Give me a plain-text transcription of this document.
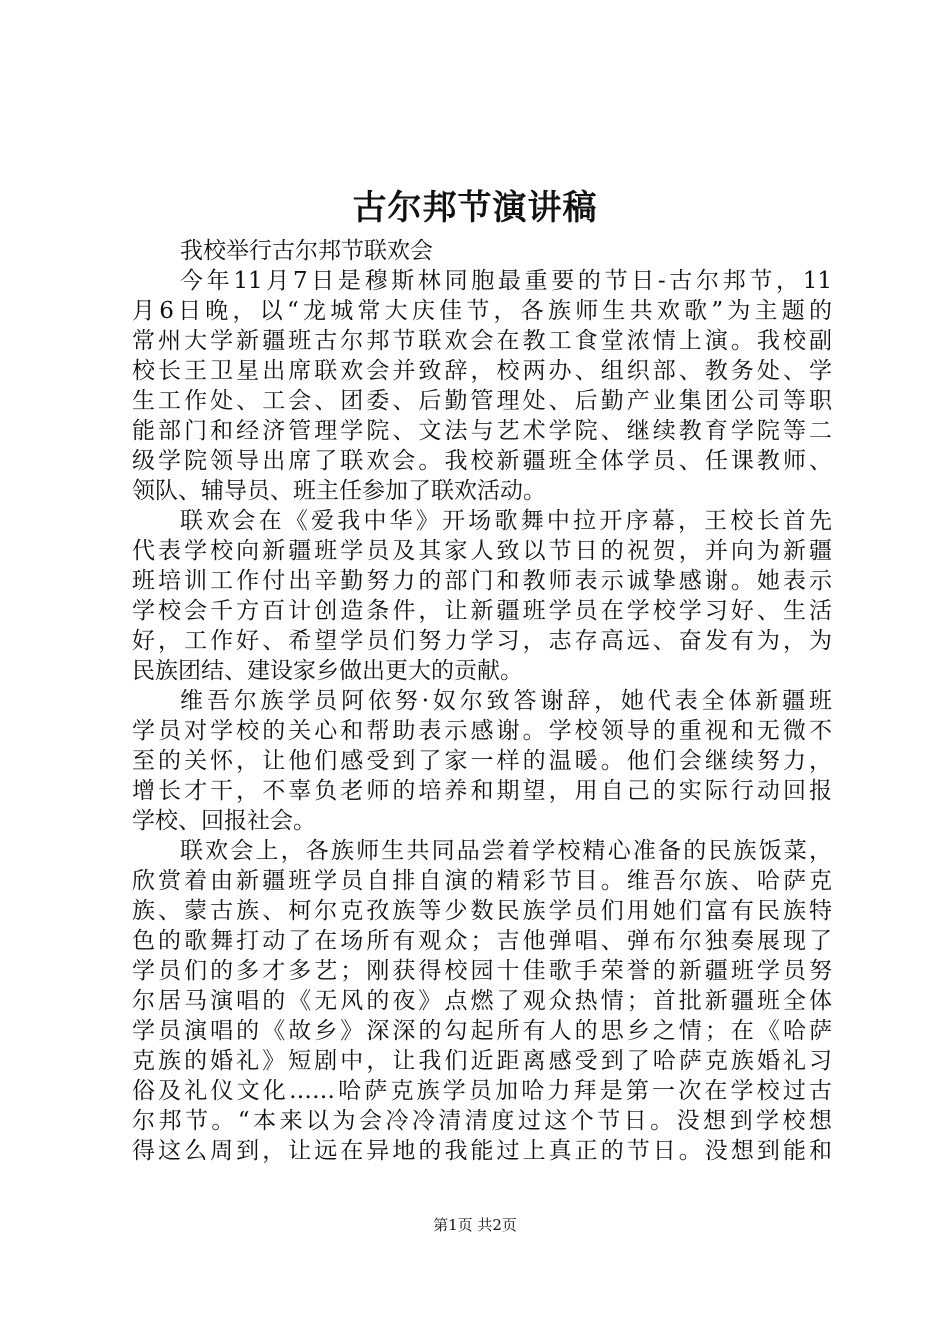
古尔邦节演讲稿
我校举行古尔邦节联欢会
今年11月7日是穆斯林同胞最重要的节日-古尔邦节，11
月6日晚，以“龙城常大庆佳节，各族师生共欢歌”为主题的
常州大学新疆班古尔邦节联欢会在教工食堂浓情上演。我校副
校长王卫星出席联欢会并致辞，校两办、组织部、教务处、学
生工作处、工会、团委、后勤管理处、后勤产业集团公司等职
能部门和经济管理学院、文法与艺术学院、继续教育学院等二
级学院领导出席了联欢会。我校新疆班全体学员、任课教师、
领队、辅导员、班主任参加了联欢活动。
联欢会在《爱我中华》开场歌舞中拉开序幕，王校长首先
代表学校向新疆班学员及其家人致以节日的祝贺，并向为新疆
班培训工作付出辛勤努力的部门和教师表示诚挚感谢。她表示
学校会千方百计创造条件，让新疆班学员在学校学习好、生活
好，工作好、希望学员们努力学习，志存高远、奋发有为，为
民族团结、建设家乡做出更大的贡献。
维吾尔族学员阿依努·奴尔致答谢辞，她代表全体新疆班
学员对学校的关心和帮助表示感谢。学校领导的重视和无微不
至的关怀，让他们感受到了家一样的温暖。他们会继续努力，
增长才干，不辜负老师的培养和期望，用自己的实际行动回报
学校、回报社会。
联欢会上，各族师生共同品尝着学校精心准备的民族饭菜，
欣赏着由新疆班学员自排自演的精彩节目。维吾尔族、哈萨克
族、蒙古族、柯尔克孜族等少数民族学员们用她们富有民族特
色的歌舞打动了在场所有观众；吉他弹唱、弹布尔独奏展现了
学员们的多才多艺；刚获得校园十佳歌手荣誉的新疆班学员努
尔居马演唱的《无风的夜》点燃了观众热情；首批新疆班全体
学员演唱的《故乡》深深的勾起所有人的思乡之情；在《哈萨
克族的婚礼》短剧中，让我们近距离感受到了哈萨克族婚礼习
俗及礼仪文化……哈萨克族学员加哈力拜是第一次在学校过古
尔邦节。“本来以为会冷冷清清度过这个节日。没想到学校想
得这么周到，让远在异地的我能过上真正的节日。没想到能和
第1页 共2页
